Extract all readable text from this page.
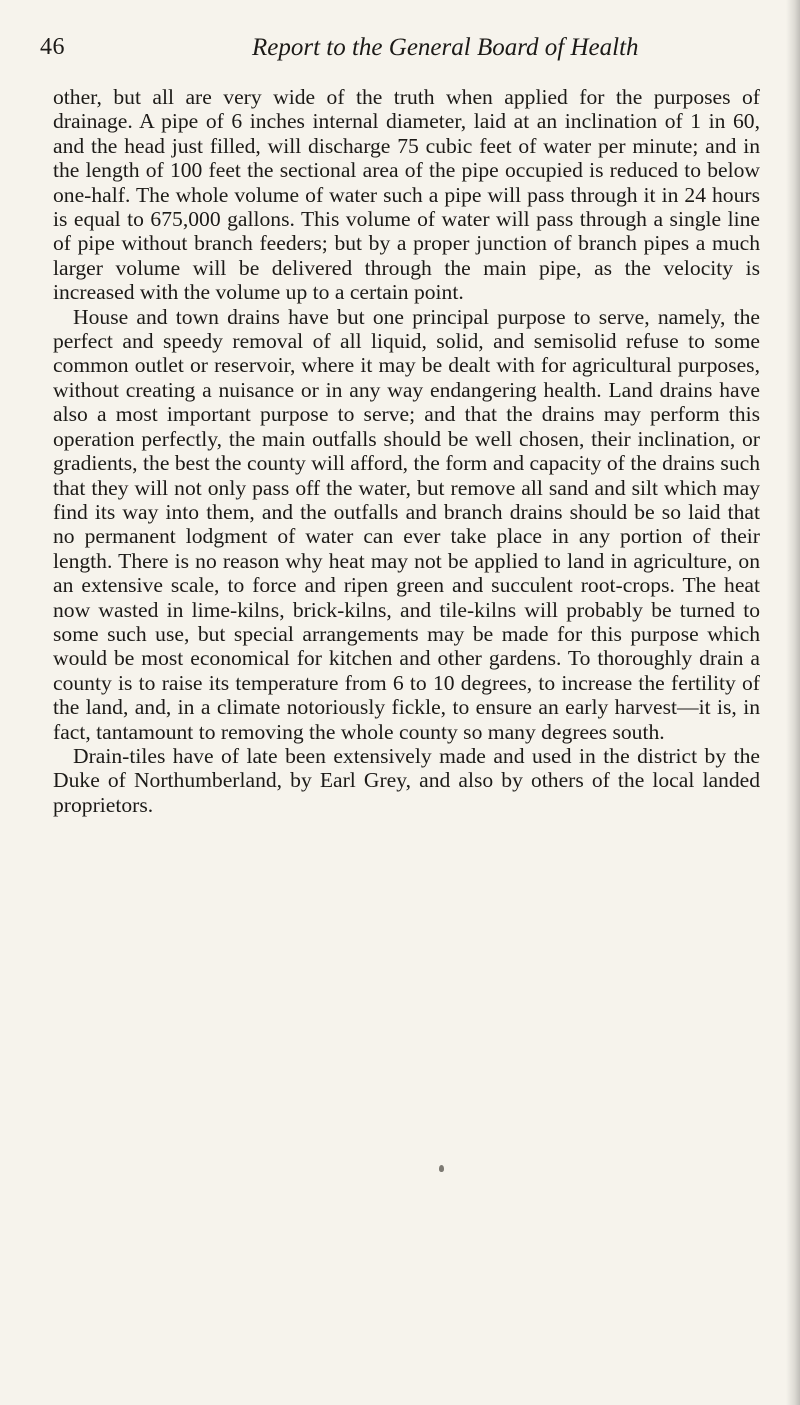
46	Report to the General Board of Health

other, but all are very wide of the truth when applied for the purposes of drainage. A pipe of 6 inches internal diameter, laid at an inclination of 1 in 60, and the head just filled, will discharge 75 cubic feet of water per minute; and in the length of 100 feet the sectional area of the pipe occupied is reduced to below one-half. The whole volume of water such a pipe will pass through it in 24 hours is equal to 675,000 gallons. This volume of water will pass through a single line of pipe without branch feeders; but by a proper junction of branch pipes a much larger volume will be delivered through the main pipe, as the velocity is increased with the volume up to a certain point.

House and town drains have but one principal purpose to serve, namely, the perfect and speedy removal of all liquid, solid, and semisolid refuse to some common outlet or reservoir, where it may be dealt with for agricultural purposes, without creating a nuisance or in any way endangering health. Land drains have also a most important purpose to serve; and that the drains may perform this operation perfectly, the main outfalls should be well chosen, their inclination, or gradients, the best the county will afford, the form and capacity of the drains such that they will not only pass off the water, but remove all sand and silt which may find its way into them, and the outfalls and branch drains should be so laid that no permanent lodgment of water can ever take place in any portion of their length. There is no reason why heat may not be applied to land in agriculture, on an extensive scale, to force and ripen green and succulent root-crops. The heat now wasted in lime-kilns, brick-kilns, and tile-kilns will probably be turned to some such use, but special arrangements may be made for this purpose which would be most economical for kitchen and other gardens. To thoroughly drain a county is to raise its temperature from 6 to 10 degrees, to increase the fertility of the land, and, in a climate notoriously fickle, to ensure an early harvest—it is, in fact, tantamount to removing the whole county so many degrees south.

Drain-tiles have of late been extensively made and used in the district by the Duke of Northumberland, by Earl Grey, and also by others of the local landed proprietors.
